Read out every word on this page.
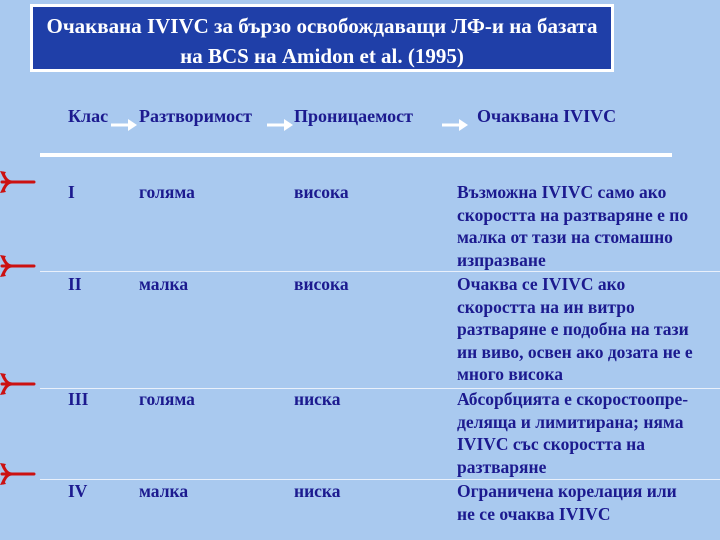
Очаквана IVIVC за бързо освобождаващи ЛФ-и на базата на BCS на Amidon et al. (1995)
Клас Разтворимост Проницаемост	Очаквана IVIVC
I	голяма	висока	Възможна IVIVC само ако
скоростта на разтваряне е по
малка от тази на стомашно
изпразване
II	малка	висока	Очаква се IVIVC ако
скоростта на ин витро
разтваряне е подобна на тази
ин виво, освен ако дозата не е
много висока
III	голяма	ниска	Абсорбцията е скоростоопре-
деляща и лимитирана; няма
IVIVC със скоростта на
разтваряне
IV	малка	ниска	Ограничена корелация или
не се очаква IVIVC
